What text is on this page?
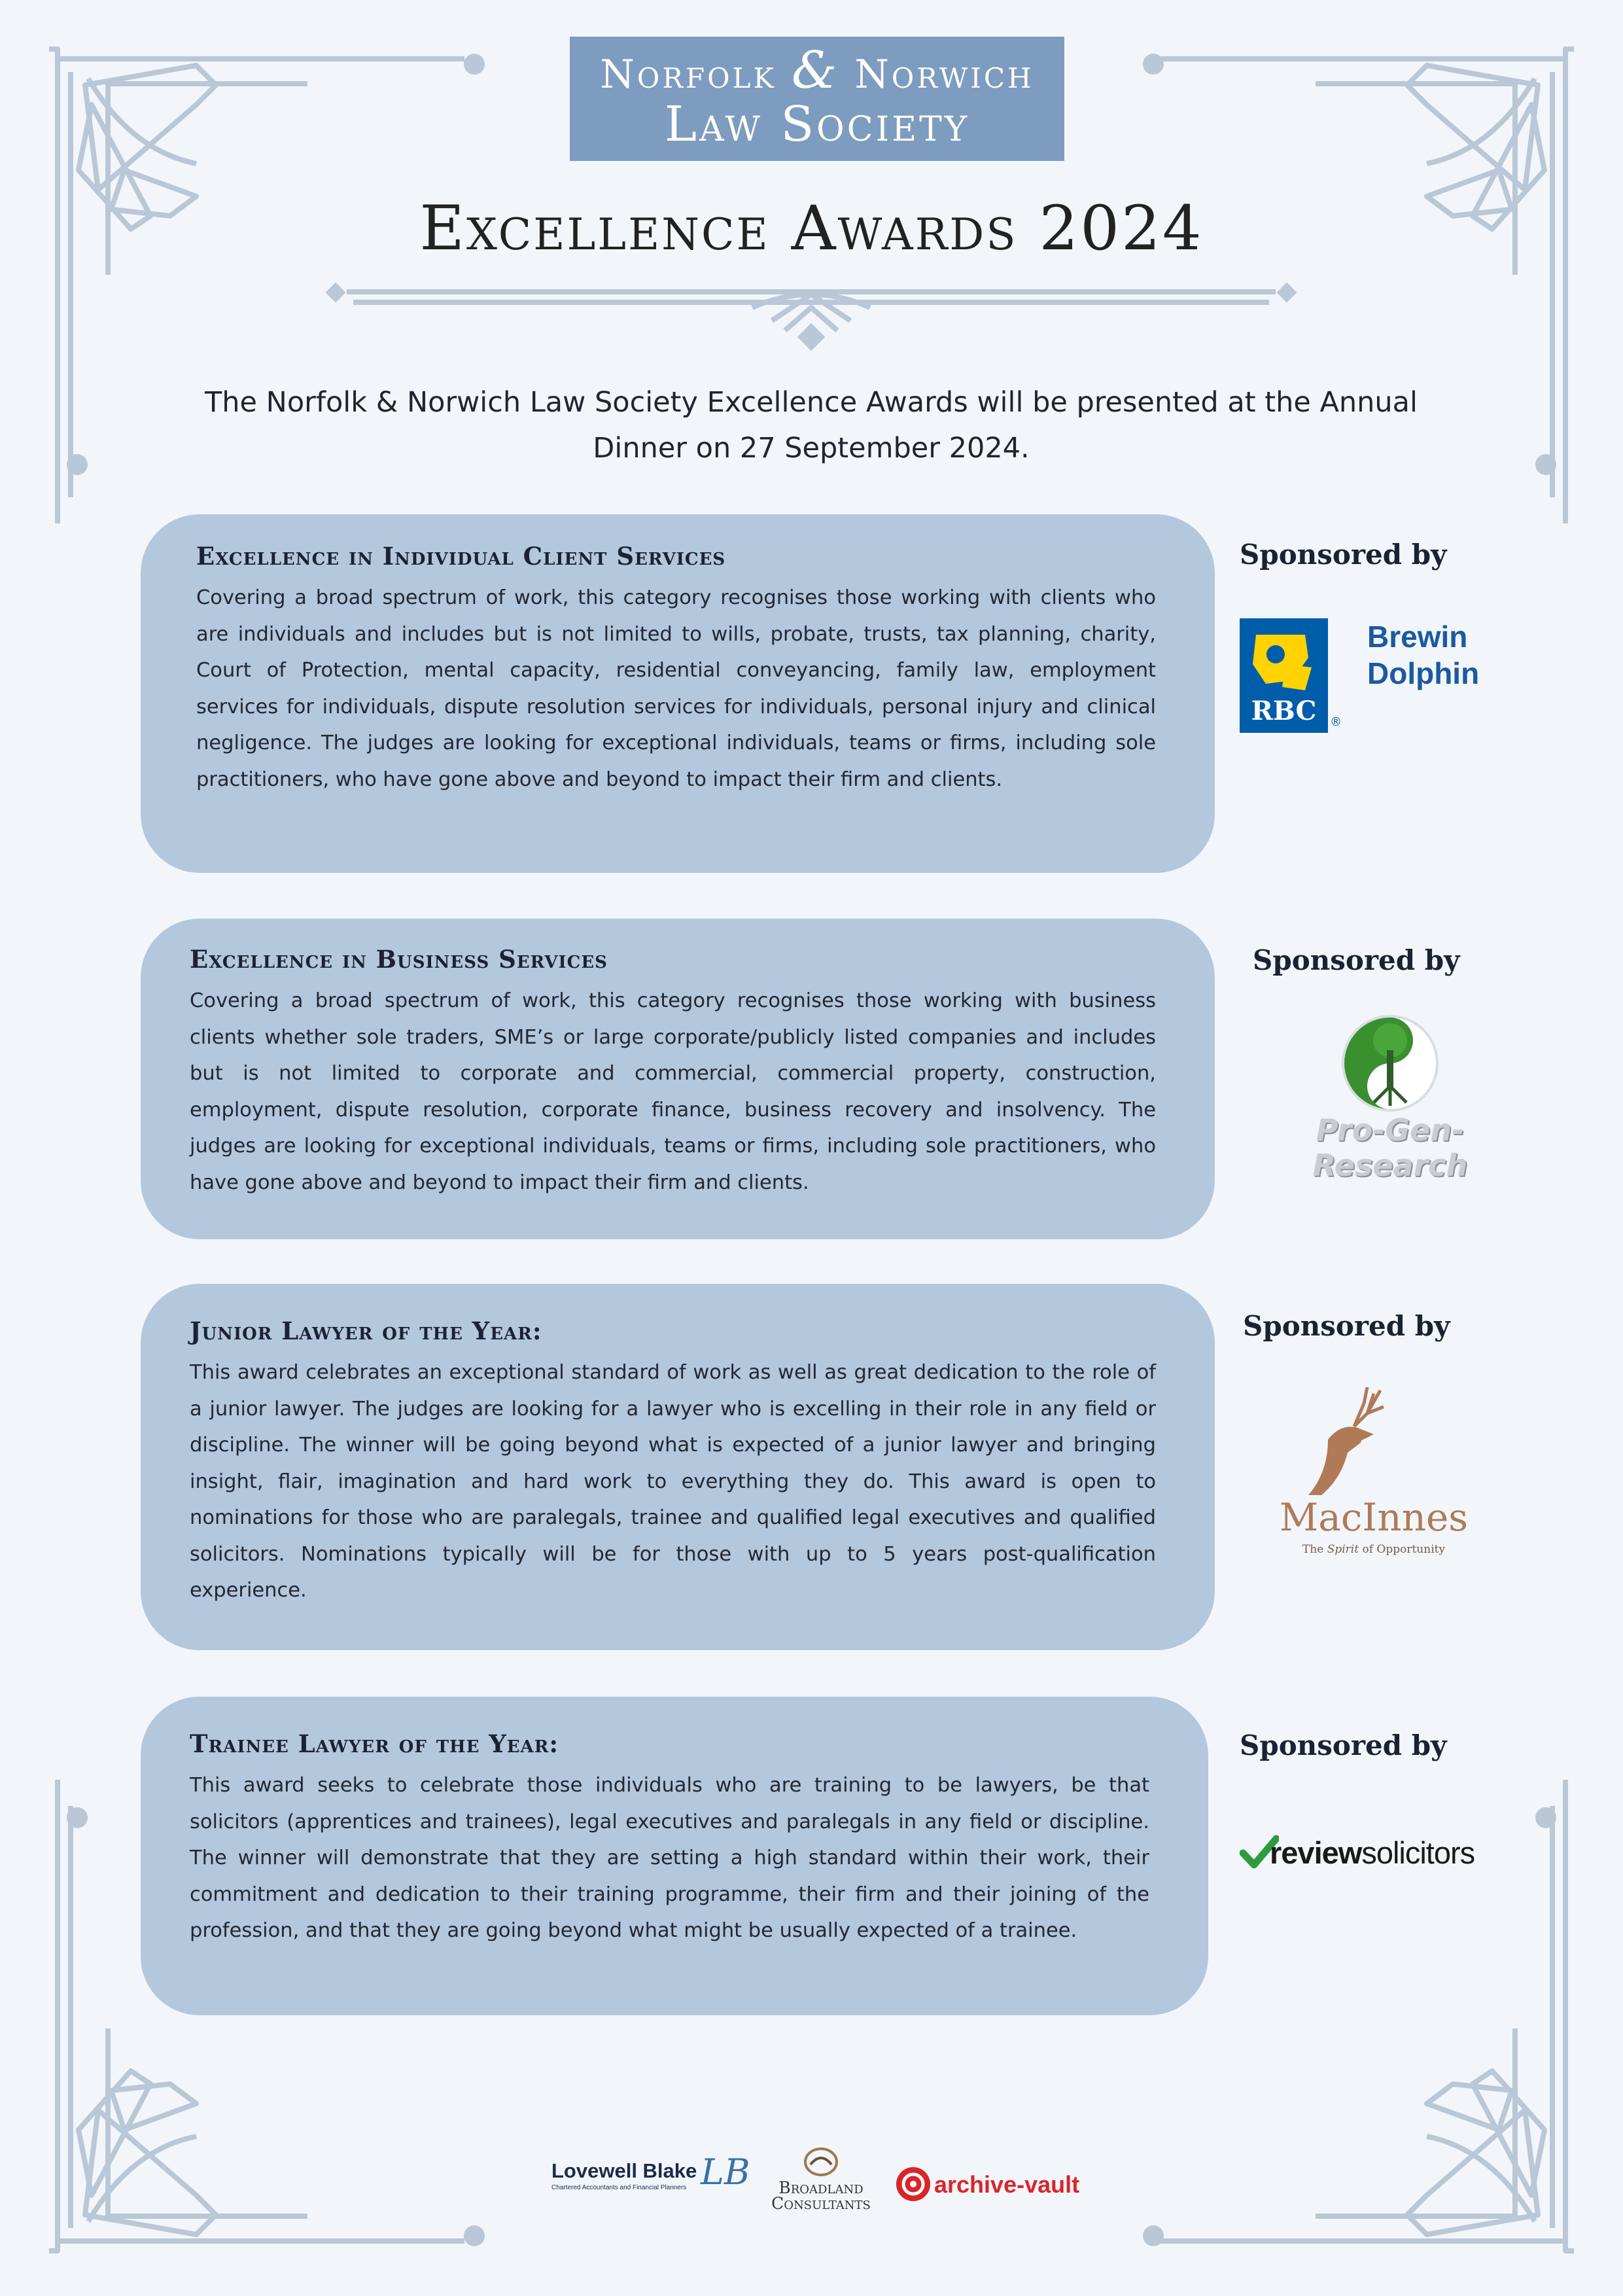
Norfolk & Norwich
Law Society
Excellence Awards 2024
The Norfolk & Norwich Law Society Excellence Awards will be presented at the Annual Dinner on 27 September 2024.
Excellence in Individual Client Services

Covering a broad spectrum of work, this category recognises those working with clients who are individuals and includes but is not limited to wills, probate, trusts, tax planning, charity, Court of Protection, mental capacity, residential conveyancing, family law, employment services for individuals, dispute resolution services for individuals, personal injury and clinical negligence. The judges are looking for exceptional individuals, teams or firms, including sole practitioners, who have gone above and beyond to impact their firm and clients.

Sponsored by
RBC	®
Brewin
Dolphin
Excellence in Business Services

Covering a broad spectrum of work, this category recognises those working with business clients whether sole traders, SME’s or large corporate/publicly listed companies and includes but is not limited to corporate and commercial, commercial property, construction, employment, dispute resolution, corporate finance, business recovery and insolvency. The judges are looking for exceptional individuals, teams or firms, including sole practitioners, who have gone above and beyond to impact their firm and clients.

Sponsored by
Pro-Gen-Research
Junior Lawyer of the Year:

This award celebrates an exceptional standard of work as well as great dedication to the role of a junior lawyer. The judges are looking for a lawyer who is excelling in their role in any field or discipline. The winner will be going beyond what is expected of a junior lawyer and bringing insight, flair, imagination and hard work to everything they do. This award is open to nominations for those who are paralegals, trainee and qualified legal executives and qualified solicitors. Nominations typically will be for those with up to 5 years post-qualification experience.

Sponsored by
MacInnes
The Spirit of Opportunity
Trainee Lawyer of the Year:

This award seeks to celebrate those individuals who are training to be lawyers, be that solicitors (apprentices and trainees), legal executives and paralegals in any field or discipline. The winner will demonstrate that they are setting a high standard within their work, their commitment and dedication to their training programme, their firm and their joining of the profession, and that they are going beyond what might be usually expected of a trainee.

Sponsored by
reviewsolicitors
Lovewell Blake
Chartered Accountants and Financial Planners LB	Broadland
Consultants
archive-vault
